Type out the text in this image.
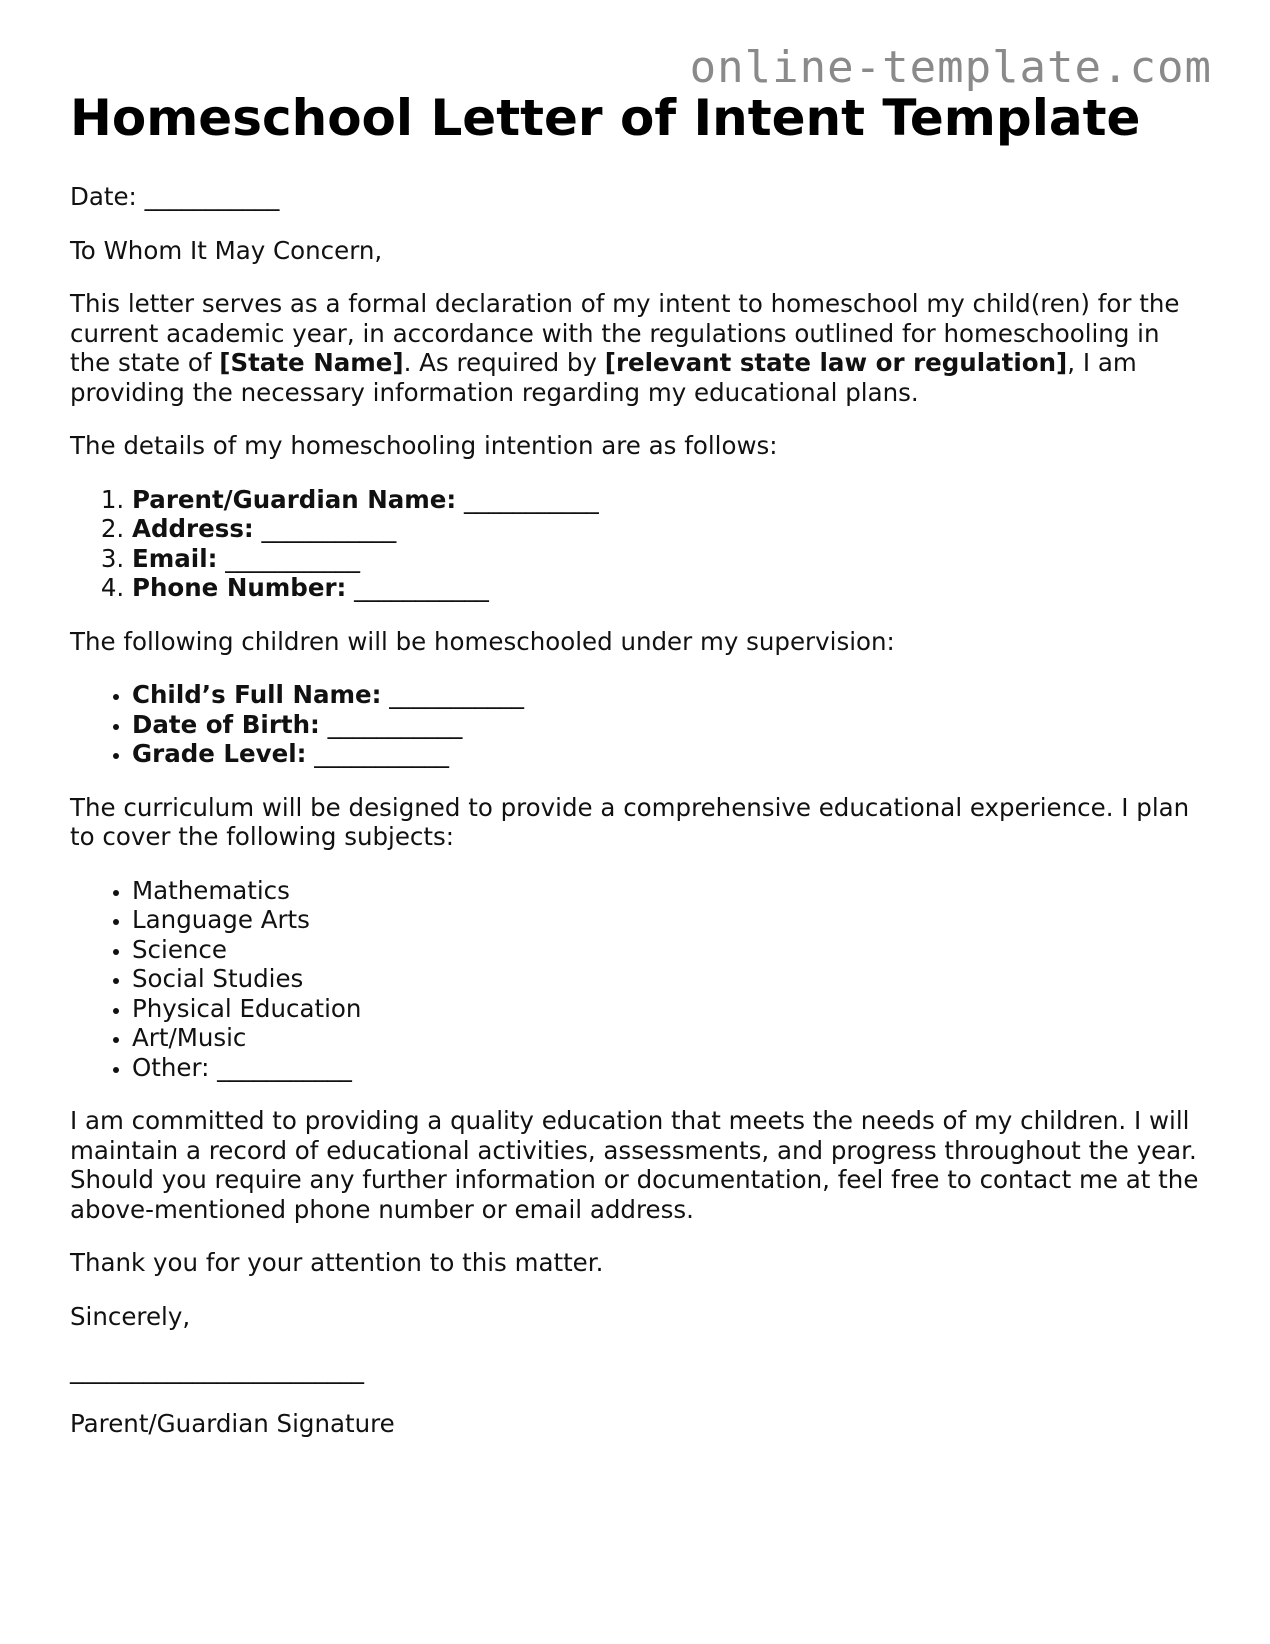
online-template.com
Homeschool Letter of Intent Template

Date: ___________

To Whom It May Concern,

This letter serves as a formal declaration of my intent to homeschool my child(ren) for the current academic year, in accordance with the regulations outlined for homeschooling in the state of [State Name]. As required by [relevant state law or regulation], I am providing the necessary information regarding my educational plans.

The details of my homeschooling intention are as follows:

1. Parent/Guardian Name: ___________
2. Address: ___________
3. Email: ___________
4. Phone Number: ___________

The following children will be homeschooled under my supervision:

• Child’s Full Name: ___________
• Date of Birth: ___________
• Grade Level: ___________

The curriculum will be designed to provide a comprehensive educational experience. I plan to cover the following subjects:

• Mathematics
• Language Arts
• Science
• Social Studies
• Physical Education
• Art/Music
• Other: ___________

I am committed to providing a quality education that meets the needs of my children. I will maintain a record of educational activities, assessments, and progress throughout the year. Should you require any further information or documentation, feel free to contact me at the above-mentioned phone number or email address.

Thank you for your attention to this matter.

Sincerely,

________________________

Parent/Guardian Signature
